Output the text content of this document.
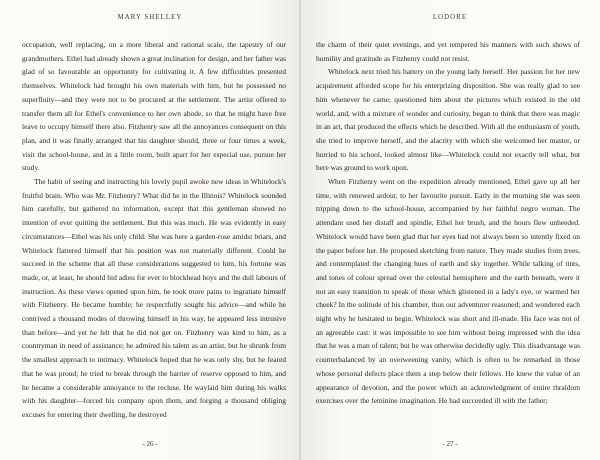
MARY SHELLEY

occupation, well replacing, on a more liberal and rational scale, the tapestry of our grandmothers. Ethel had already shown a great inclination for design, and her father was glad of so favourable an opportunity for cultivating it. A few difficulties presented themselves. Whitelock had brought his own materials with him, but he possessed no superfluity—and they were not to be procured at the settlement. The artist offered to transfer them all for Ethel's convenience to her own abode, so that he might have free leave to occupy himself there also. Fitzhenry saw all the annoyances consequent on this plan, and it was finally arranged that his daughter should, three or four times a week, visit the school-house, and in a little room, built apart for her especial use, pursue her study.

The habit of seeing and instructing his lovely pupil awoke new ideas in Whitelock's fruitful brain. Who was Mr. Fitzhenry? What did he in the Illinois? Whitelock sounded him carefully, but gathered no information, except that this gentleman showed no intention of ever quitting the settlement. But this was much. He was evidently in easy circumstances—Ethel was his only child. She was here a garden-rose amidst briars, and Whitelock flattered himself that his position was not materially different. Could he succeed in the scheme that all these considerations suggested to him, his fortune was made, or, at least, he should bid adieu for ever to blockhead boys and the dull labours of instruction. As these views opened upon him, he took more pains to ingratiate himself with Fitzhenry. He became humble; he respectfully sought his advice—and while he contrived a thousand modes of throwing himself in his way, he appeared less intrusive than before—and yet he felt that he did not get on. Fitzhenry was kind to him, as a countryman in need of assistance; he admired his talent as an artist, but he shrunk from the smallest approach to intimacy. Whitelock hoped that he was only shy, but he feared that he was proud; he tried to break through the barrier of reserve opposed to him, and he became a considerable annoyance to the recluse. He waylaid him during his walks with his daughter—forced his company upon them, and forging a thousand obliging excuses for entering their dwelling, he destroyed

- 26 -
LODORE

the charm of their quiet evenings, and yet tempered his manners with such shows of humility and gratitude as Fitzhenry could not resist.

Whitelock next tried his battery on the young lady herself. Her passion for her new acquirement afforded scope for his enterprizing disposition. She was really glad to see him whenever he came; questioned him about the pictures which existed in the old world, and, with a mixture of wonder and curiosity, began to think that there was magic in an art, that produced the effects which he described. With all the enthusiasm of youth, she tried to improve herself, and the alacrity with which she welcomed her master, or hurried to his school, looked almost like—Whitelock could not exactly tell what, but here was ground to work upon.

When Fitzhenry went on the expedition already mentioned, Ethel gave up all her time, with renewed ardour, to her favourite pursuit. Early in the morning she was seen tripping down to the school-house, accompanied by her faithful negro woman. The attendant used her distaff and spindle, Ethel her brush, and the hours flew unheeded. Whitelock would have been glad that her eyes had not always been so intently fixed on the paper before her. He proposed sketching from nature. They made studies from trees, and contemplated the changing hues of earth and sky together. While talking of tints, and tones of colour spread over the celestial hemisphere and the earth beneath, were it not an easy transition to speak of those which glistened in a lady's eye, or warmed her cheek? In the solitude of his chamber, thus our adventurer reasoned; and wondered each night why he hesitated to begin. Whitelock was short and ill-made. His face was not of an agreeable cast: it was impossible to see him without being impressed with the idea that he was a man of talent; but he was otherwise decidedly ugly. This disadvantage was counterbalanced by an overweening vanity, which is often to be remarked in those whose personal defects place them a step below their fellows. He knew the value of an appearance of devotion, and the power which an acknowledgment of entire thraldom exercises over the feminine imagination. He had succeeded ill with the father;

- 27 -
